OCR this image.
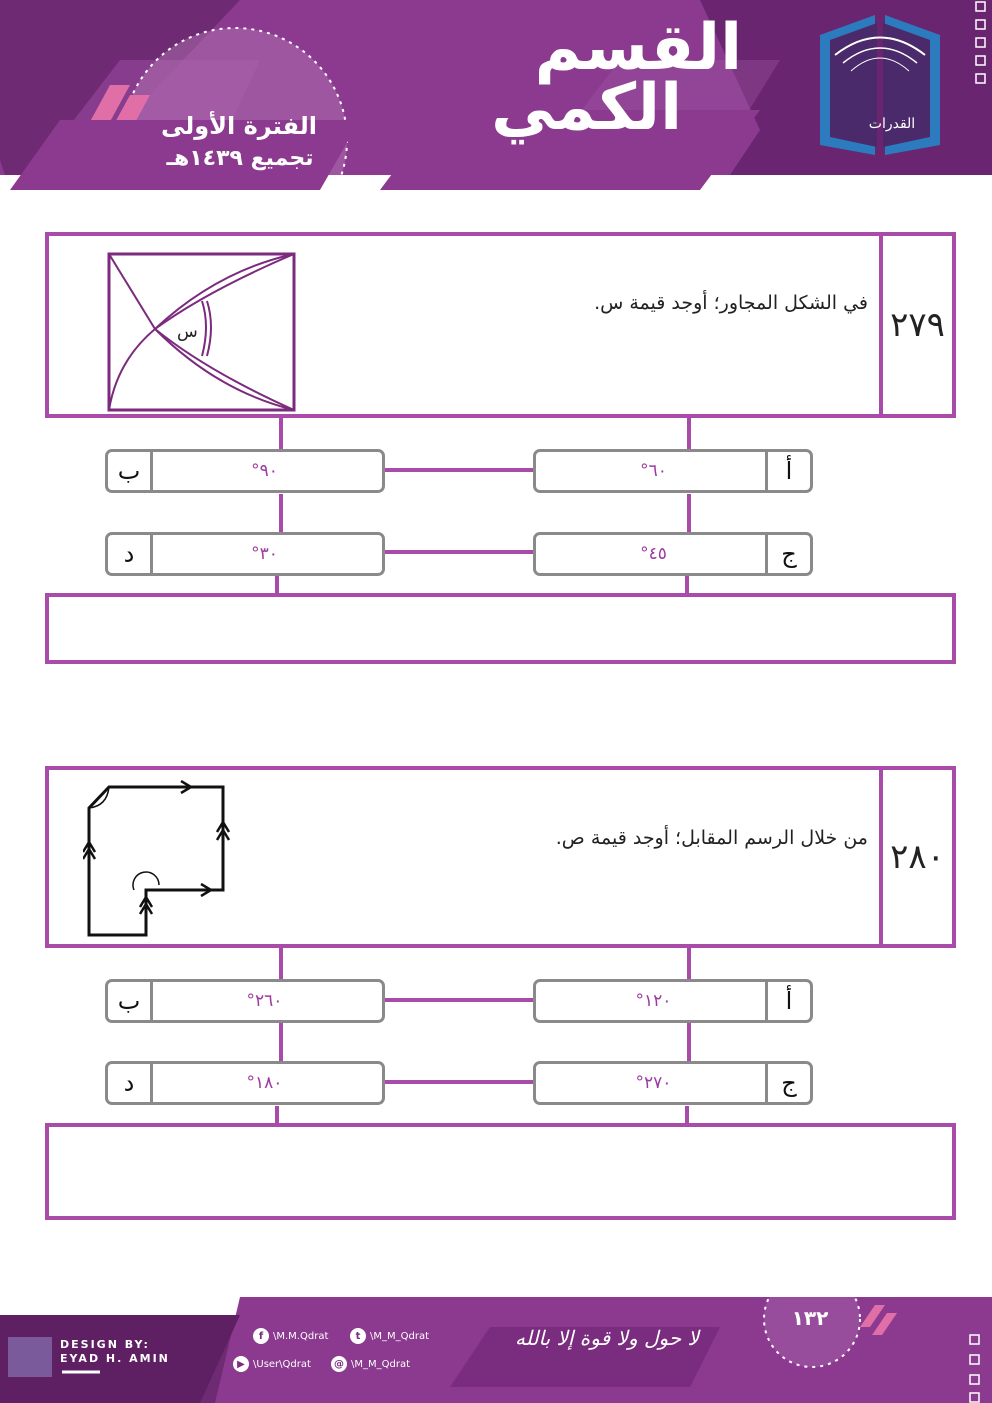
القدرات
القسم
الكمي
الفترة الأولى
تجميع ١٤٣٩هـ
٢٧٩
في الشكل المجاور؛ أوجد قيمة س.
س
أ
٦٠°
ب	٩٠°
ج
٤٥°
د	٣٠°
٢٨٠
من خلال الرسم المقابل؛ أوجد قيمة ص.
أ
١٢٠°
ب	٢٦٠°
ج
٢٧٠°
د	١٨٠°
DESIGN BY:
EYAD H. AMIN
f \M.M.Qdrat	t \M_M_Qdrat
▶ \User\Qdrat	@ \M_M_Qdrat
لا حول ولا قوة إلا بالله
١٣٢
